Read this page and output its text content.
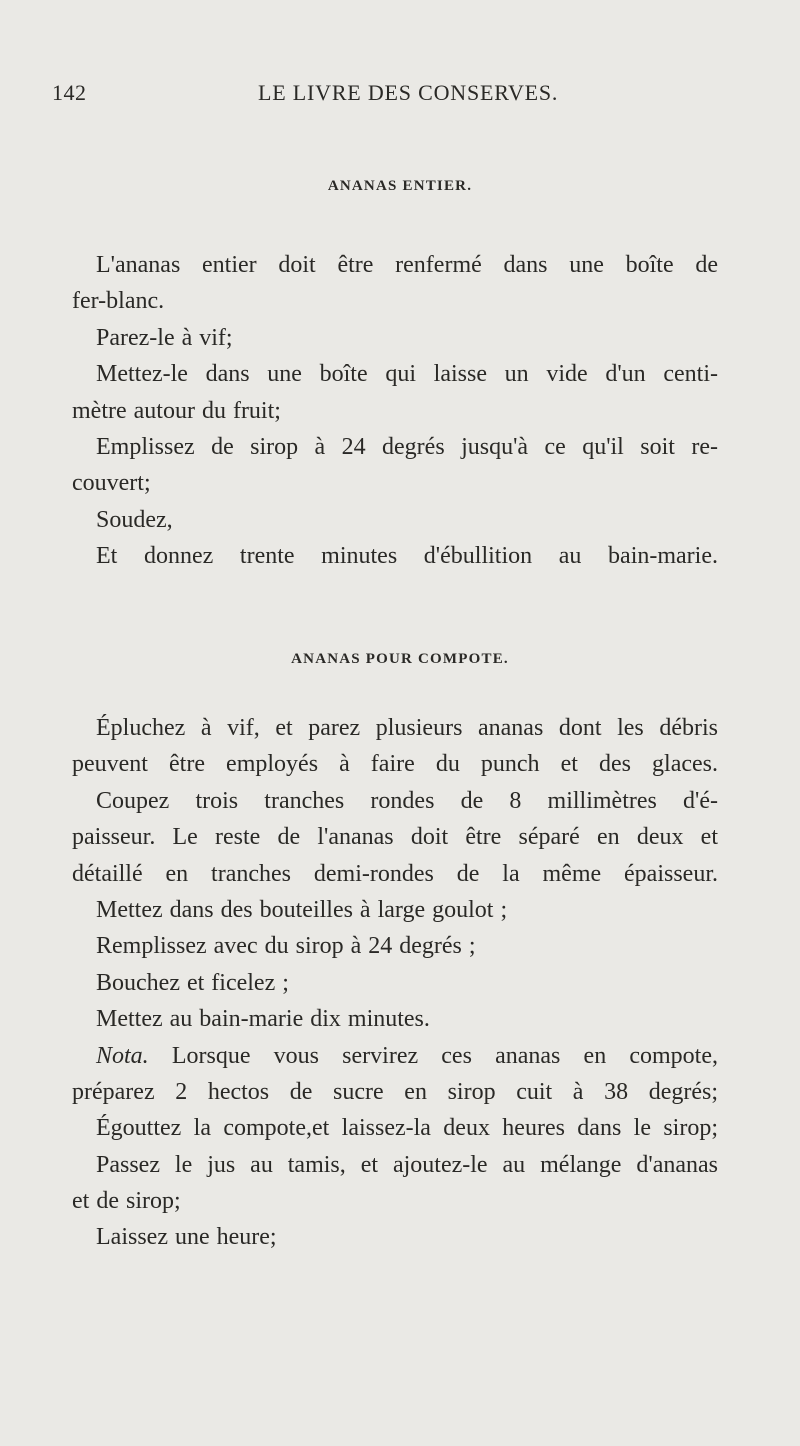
142	LE LIVRE DES CONSERVES.
ANANAS ENTIER.
L'ananas entier doit être renfermé dans une boîte de
fer-blanc.
Parez-le à vif;
Mettez-le dans une boîte qui laisse un vide d'un centi-
mètre autour du fruit;
Emplissez de sirop à 24 degrés jusqu'à ce qu'il soit re-
couvert;
Soudez,
Et donnez trente minutes d'ébullition au bain-marie.
ANANAS POUR COMPOTE.
Épluchez à vif, et parez plusieurs ananas dont les débris
peuvent être employés à faire du punch et des glaces.
Coupez trois tranches rondes de 8 millimètres d'é-
paisseur. Le reste de l'ananas doit être séparé en deux et
détaillé en tranches demi-rondes de la même épaisseur.
Mettez dans des bouteilles à large goulot ;
Remplissez avec du sirop à 24 degrés ;
Bouchez et ficelez ;
Mettez au bain-marie dix minutes.
Nota. Lorsque vous servirez ces ananas en compote,
préparez 2 hectos de sucre en sirop cuit à 38 degrés;
Égouttez la compote,et laissez-la deux heures dans le sirop;
Passez le jus au tamis, et ajoutez-le au mélange d'ananas
et de sirop;
Laissez une heure;
